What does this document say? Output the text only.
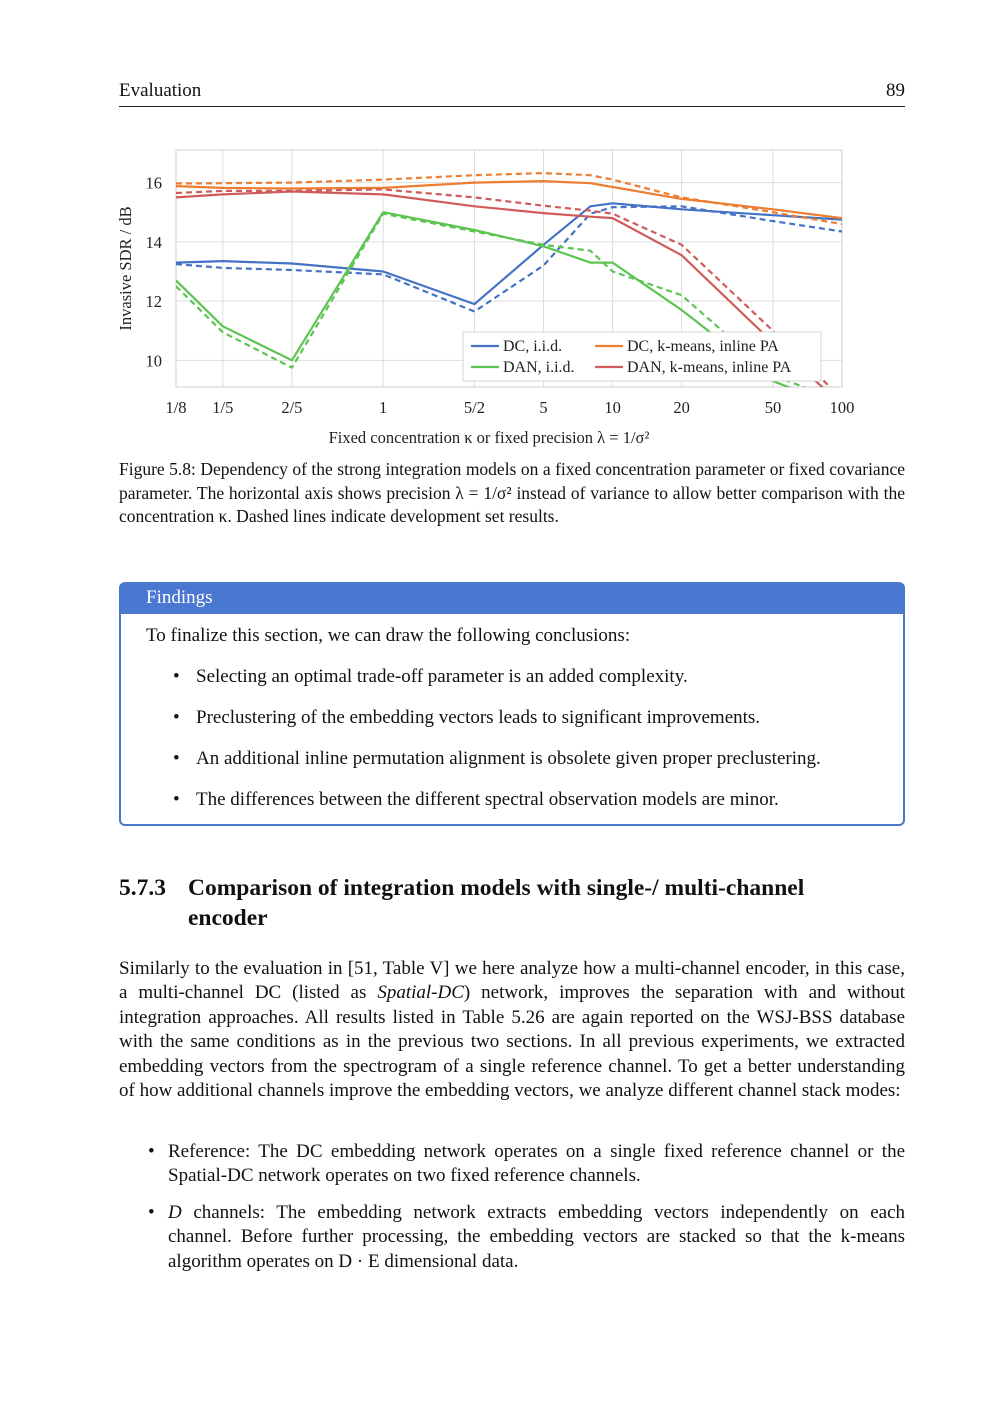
Evaluation	89
1/8 1/5	2/5	1	5/2	5	10	20	50	100
10
12
14
16
Fixed concentration κ or fixed precision λ = 1/σ²
Invasive SDR / dB
DC, i.i.d.
DAN, i.i.d.
DC, k-means, inline PA
DAN, k-means, inline PA
Figure 5.8: Dependency of the strong integration models on a fixed concentration parameter or fixed covariance parameter. The horizontal axis shows precision λ = 1/σ² instead of variance to allow better comparison with the concentration κ. Dashed lines indicate development set results.
Findings
To finalize this section, we can draw the following conclusions:
• Selecting an optimal trade-off parameter is an added complexity.
• Preclustering of the embedding vectors leads to significant improvements.
• An additional inline permutation alignment is obsolete given proper preclustering.
• The differences between the different spectral observation models are minor.
5.7.3 Comparison of integration models with single-/ multi-channel encoder

Similarly to the evaluation in [51, Table V] we here analyze how a multi-channel encoder, in this case, a multi-channel DC (listed as Spatial-DC) network, improves the separation with and without integration approaches. All results listed in Table 5.26 are again reported on the WSJ-BSS database with the same conditions as in the previous two sections. In all previous experiments, we extracted embedding vectors from the spectrogram of a single reference channel. To get a better understanding of how additional channels improve the embedding vectors, we analyze different channel stack modes:

• Reference: The DC embedding network operates on a single fixed reference channel or the Spatial-DC network operates on two fixed reference channels.
• D channels: The embedding network extracts embedding vectors independently on each channel. Before further processing, the embedding vectors are stacked so that the k-means algorithm operates on D · E dimensional data.
